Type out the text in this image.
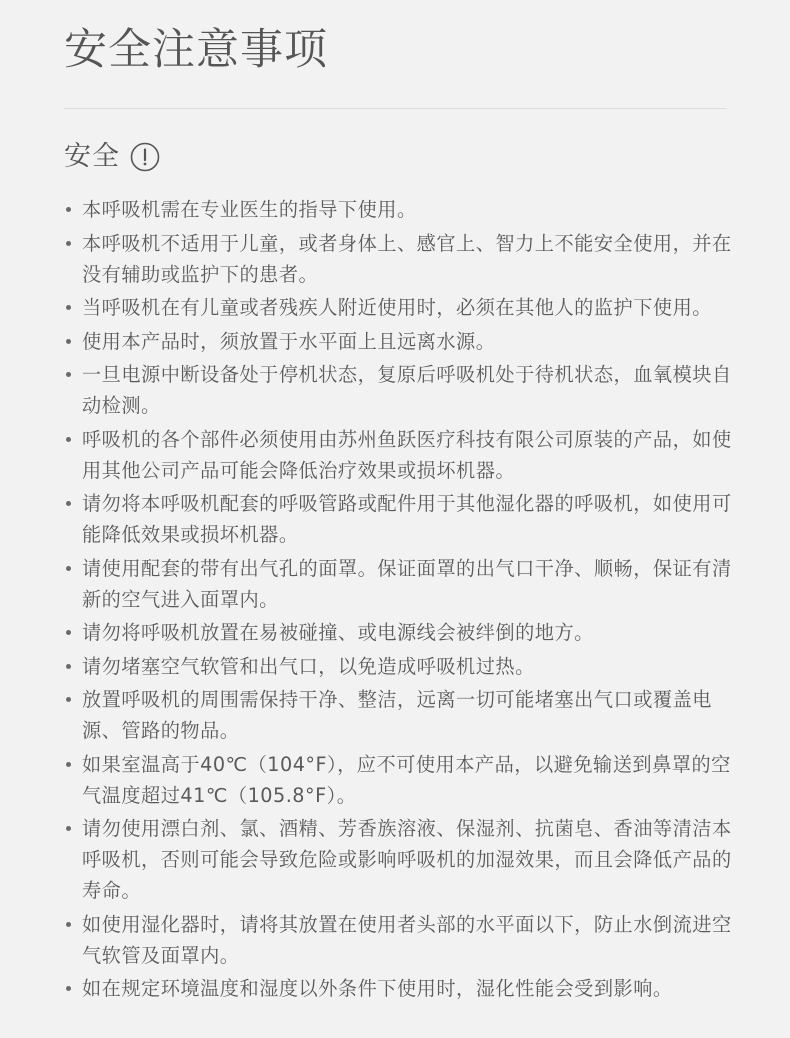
安全注意事项
安全
本呼吸机需在专业医生的指导下使用。
本呼吸机不适用于儿童，或者身体上、感官上、智力上不能安全使用，并在没有辅助或监护下的患者。
当呼吸机在有儿童或者残疾人附近使用时，必须在其他人的监护下使用。
使用本产品时，须放置于水平面上且远离水源。
一旦电源中断设备处于停机状态，复原后呼吸机处于待机状态，血氧模块自动检测。
呼吸机的各个部件必须使用由苏州鱼跃医疗科技有限公司原装的产品，如使用其他公司产品可能会降低治疗效果或损坏机器。
请勿将本呼吸机配套的呼吸管路或配件用于其他湿化器的呼吸机，如使用可能降低效果或损坏机器。
请使用配套的带有出气孔的面罩。保证面罩的出气口干净、顺畅，保证有清新的空气进入面罩内。
请勿将呼吸机放置在易被碰撞、或电源线会被绊倒的地方。
请勿堵塞空气软管和出气口，以免造成呼吸机过热。
放置呼吸机的周围需保持干净、整洁，远离一切可能堵塞出气口或覆盖电源、管路的物品。
如果室温高于40℃（104°F），应不可使用本产品，以避免输送到鼻罩的空气温度超过41℃（105.8°F）。
请勿使用漂白剂、氯、酒精、芳香族溶液、保湿剂、抗菌皂、香油等清洁本呼吸机，否则可能会导致危险或影响呼吸机的加湿效果，而且会降低产品的寿命。
如使用湿化器时，请将其放置在使用者头部的水平面以下，防止水倒流进空气软管及面罩内。
如在规定环境温度和湿度以外条件下使用时，湿化性能会受到影响。
